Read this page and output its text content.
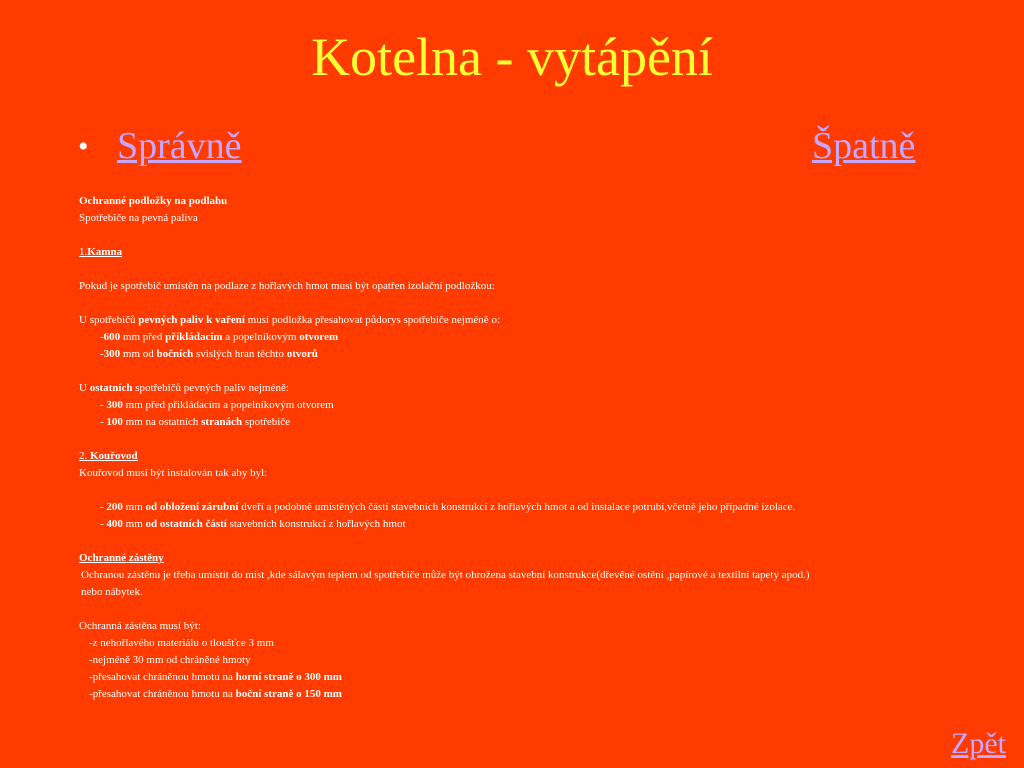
Kotelna - vytápění
• Správně	Špatně
Ochranné podložky na podlahu
Spotřebiče na pevná paliva
1.Kamna
Pokud je spotřebič umístěn na podlaze z hořlavých hmot musí být opatřen izolační podložkou:
U spotřebičů pevných paliv k vaření musí podložka přesahovat půdorys spotřebiče nejméně o:
-600 mm před přikládacím a popelníkovým otvorem
-300 mm od bočních svislých hran těchto otvorů
U ostatních spotřebičů pevných paliv nejméně:
- 300 mm před přikládacím a popelníkovým otvorem
- 100 mm na ostatních stranách spotřebiče
2. Kouřovod
Kouřovod musí být instalován tak aby byl:
- 200 mm od obložení zárubní dveří a podobně umístěných částí stavebních konstrukcí z hořlavých hmot a od instalace potrubí,včetně jeho případné izolace.
- 400 mm od ostatních částí stavebních konstrukcí z hořlavých hmot
Ochranné zástěny
Ochranou zástěnu je třeba umístit do míst ,kde sálavým teplem od spotřebiče může být ohrožena stavební konstrukce(dřevěné ostění ,papírové a textilní tapety apod.)
nebo nábytek.
Ochranná zástěna musí být:
-z nehořlavého materiálu o tloušťce 3 mm
-nejméně 30 mm od chráněné hmoty
-přesahovat chráněnou hmotu na horní straně o 300 mm
-přesahovat chráněnou hmotu na boční straně o 150 mm
Zpět
